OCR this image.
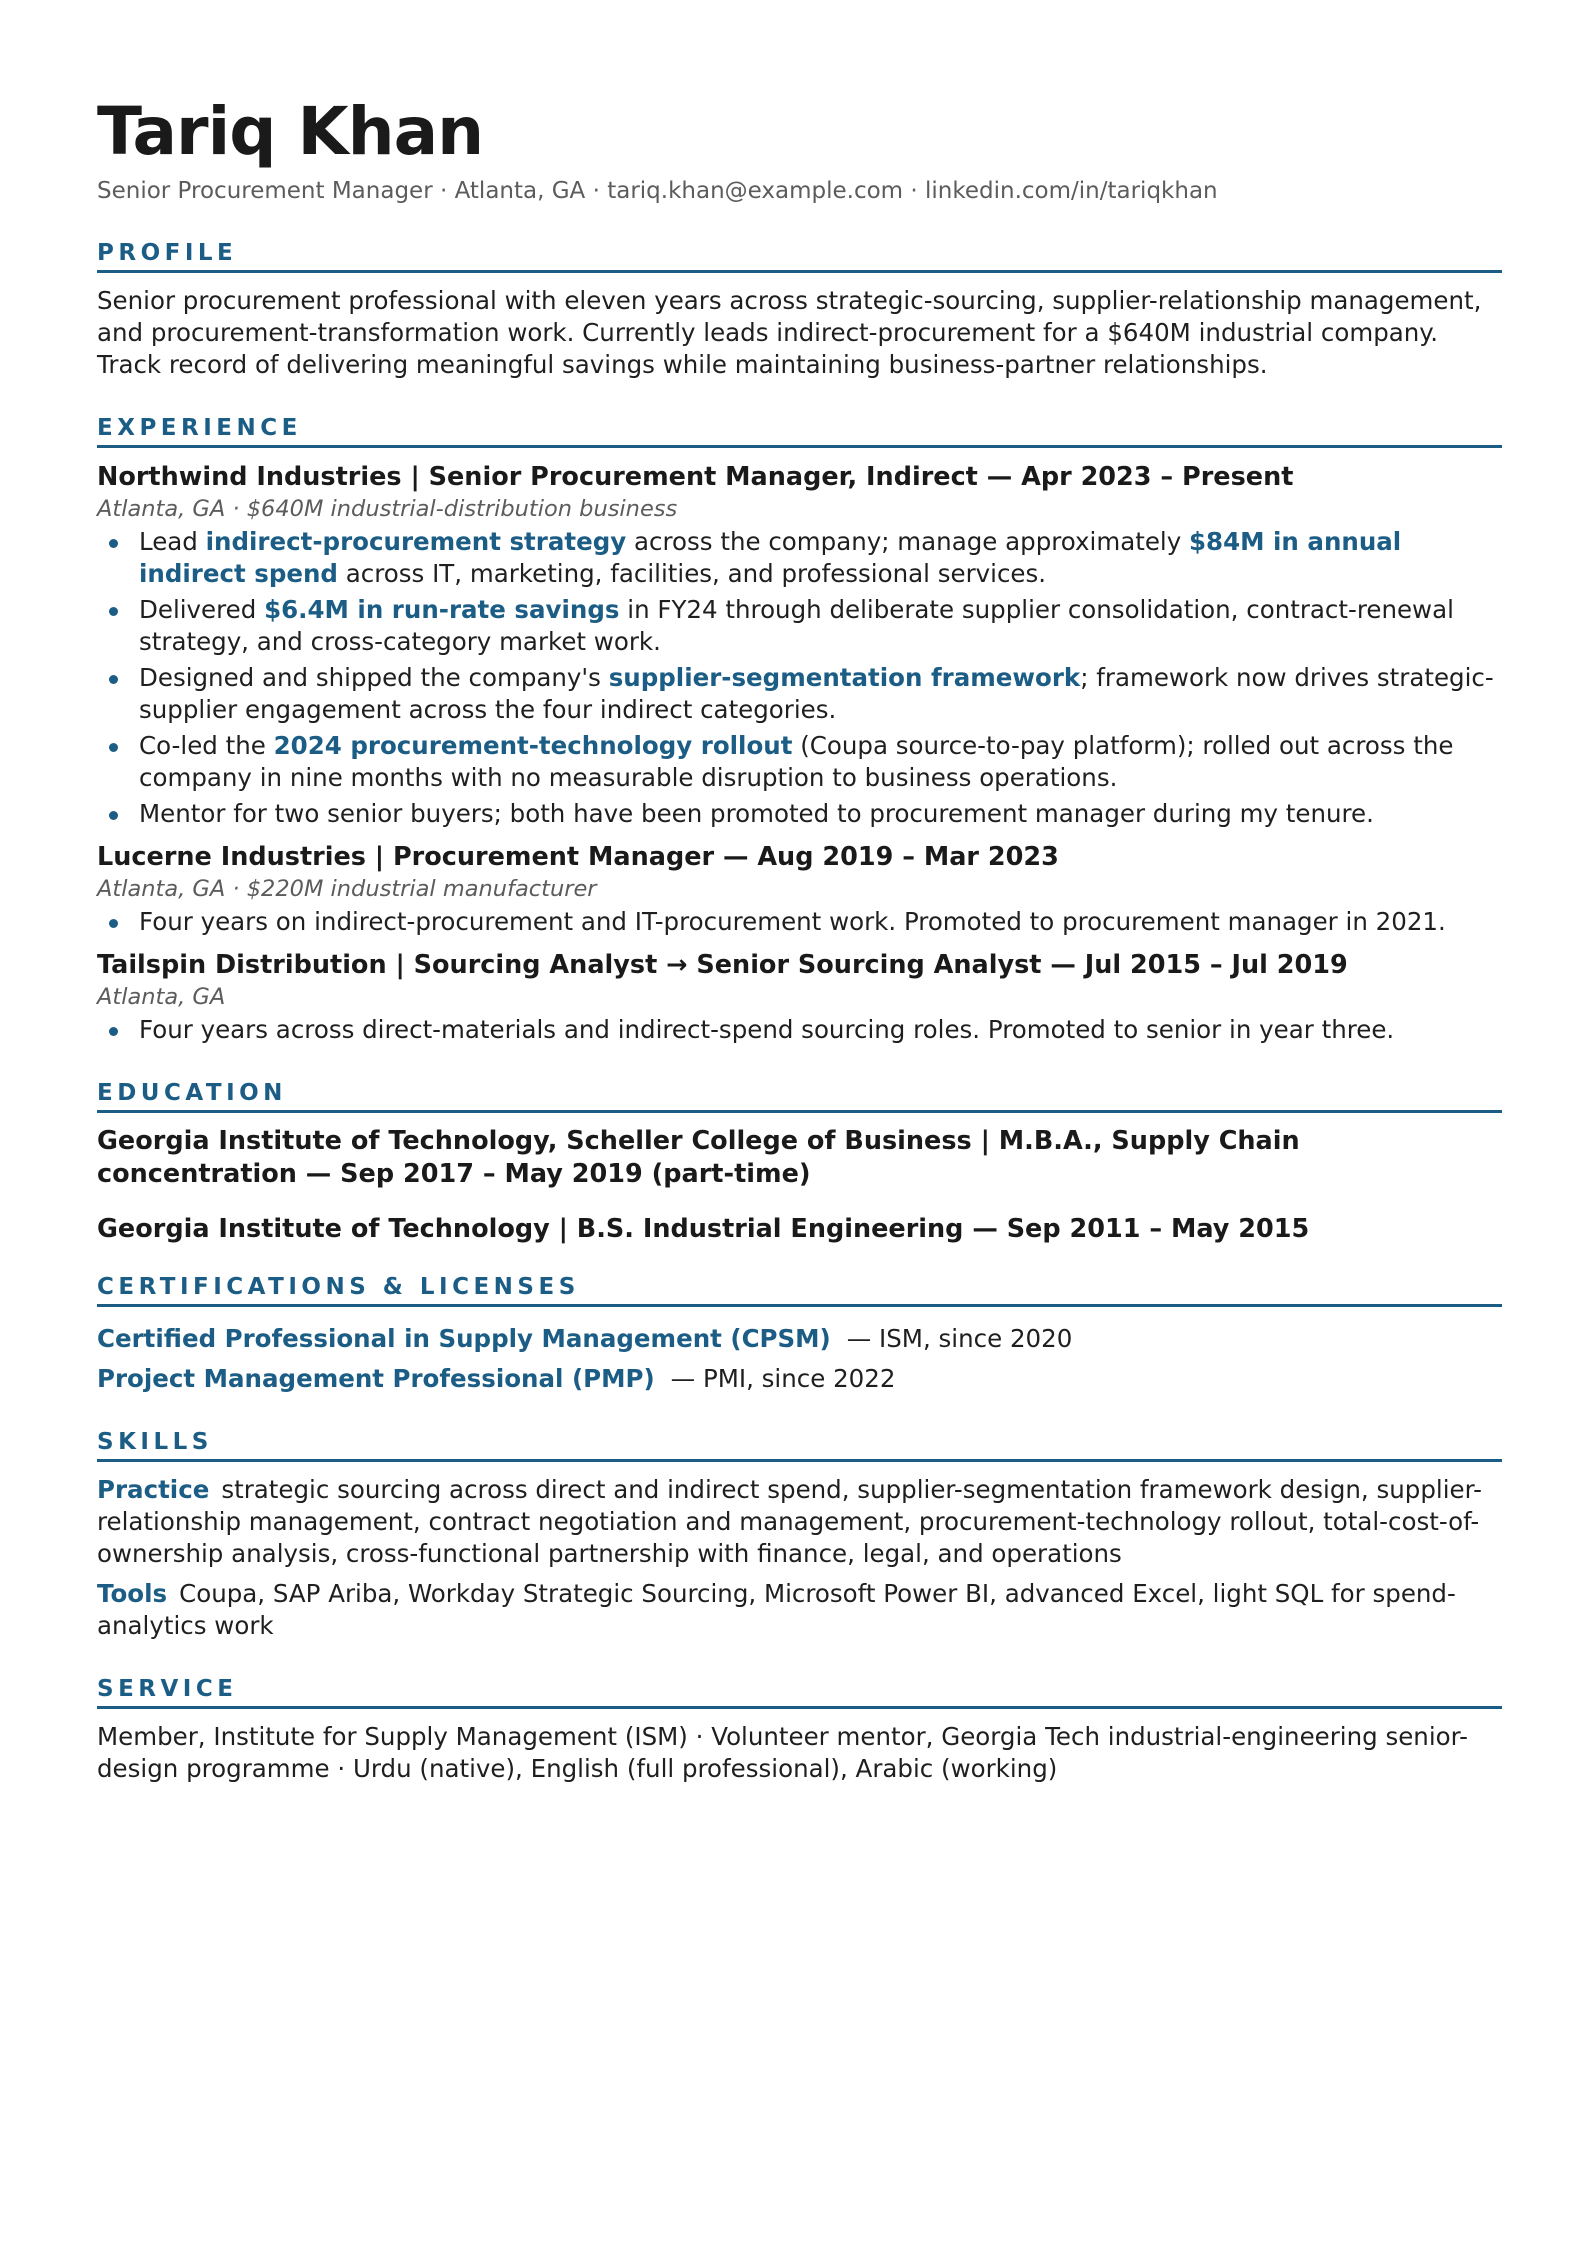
Tariq Khan
Senior Procurement Manager · Atlanta, GA · tariq.khan@example.com · linkedin.com/in/tariqkhan
PROFILE
Senior procurement professional with eleven years across strategic-sourcing, supplier-relationship management, and procurement-transformation work. Currently leads indirect-procurement for a $640M industrial company. Track record of delivering meaningful savings while maintaining business-partner relationships.
EXPERIENCE
Northwind Industries | Senior Procurement Manager, Indirect — Apr 2023 – Present
Atlanta, GA · $640M industrial-distribution business
Lead indirect-procurement strategy across the company; manage approximately $84M in annual indirect spend across IT, marketing, facilities, and professional services.
Delivered $6.4M in run-rate savings in FY24 through deliberate supplier consolidation, contract-renewal strategy, and cross-category market work.
Designed and shipped the company's supplier-segmentation framework; framework now drives strategic-supplier engagement across the four indirect categories.
Co-led the 2024 procurement-technology rollout (Coupa source-to-pay platform); rolled out across the company in nine months with no measurable disruption to business operations.
Mentor for two senior buyers; both have been promoted to procurement manager during my tenure.
Lucerne Industries | Procurement Manager — Aug 2019 – Mar 2023
Atlanta, GA · $220M industrial manufacturer
Four years on indirect-procurement and IT-procurement work. Promoted to procurement manager in 2021.
Tailspin Distribution | Sourcing Analyst → Senior Sourcing Analyst — Jul 2015 – Jul 2019
Atlanta, GA
Four years across direct-materials and indirect-spend sourcing roles. Promoted to senior in year three.
EDUCATION
Georgia Institute of Technology, Scheller College of Business | M.B.A., Supply Chain concentration — Sep 2017 – May 2019 (part-time)
Georgia Institute of Technology | B.S. Industrial Engineering — Sep 2011 – May 2015
CERTIFICATIONS & LICENSES
Certified Professional in Supply Management (CPSM) — ISM, since 2020
Project Management Professional (PMP) — PMI, since 2022
SKILLS
Practice strategic sourcing across direct and indirect spend, supplier-segmentation framework design, supplier-relationship management, contract negotiation and management, procurement-technology rollout, total-cost-of-ownership analysis, cross-functional partnership with finance, legal, and operations
Tools Coupa, SAP Ariba, Workday Strategic Sourcing, Microsoft Power BI, advanced Excel, light SQL for spend-analytics work
SERVICE
Member, Institute for Supply Management (ISM) · Volunteer mentor, Georgia Tech industrial-engineering senior-design programme · Urdu (native), English (full professional), Arabic (working)
